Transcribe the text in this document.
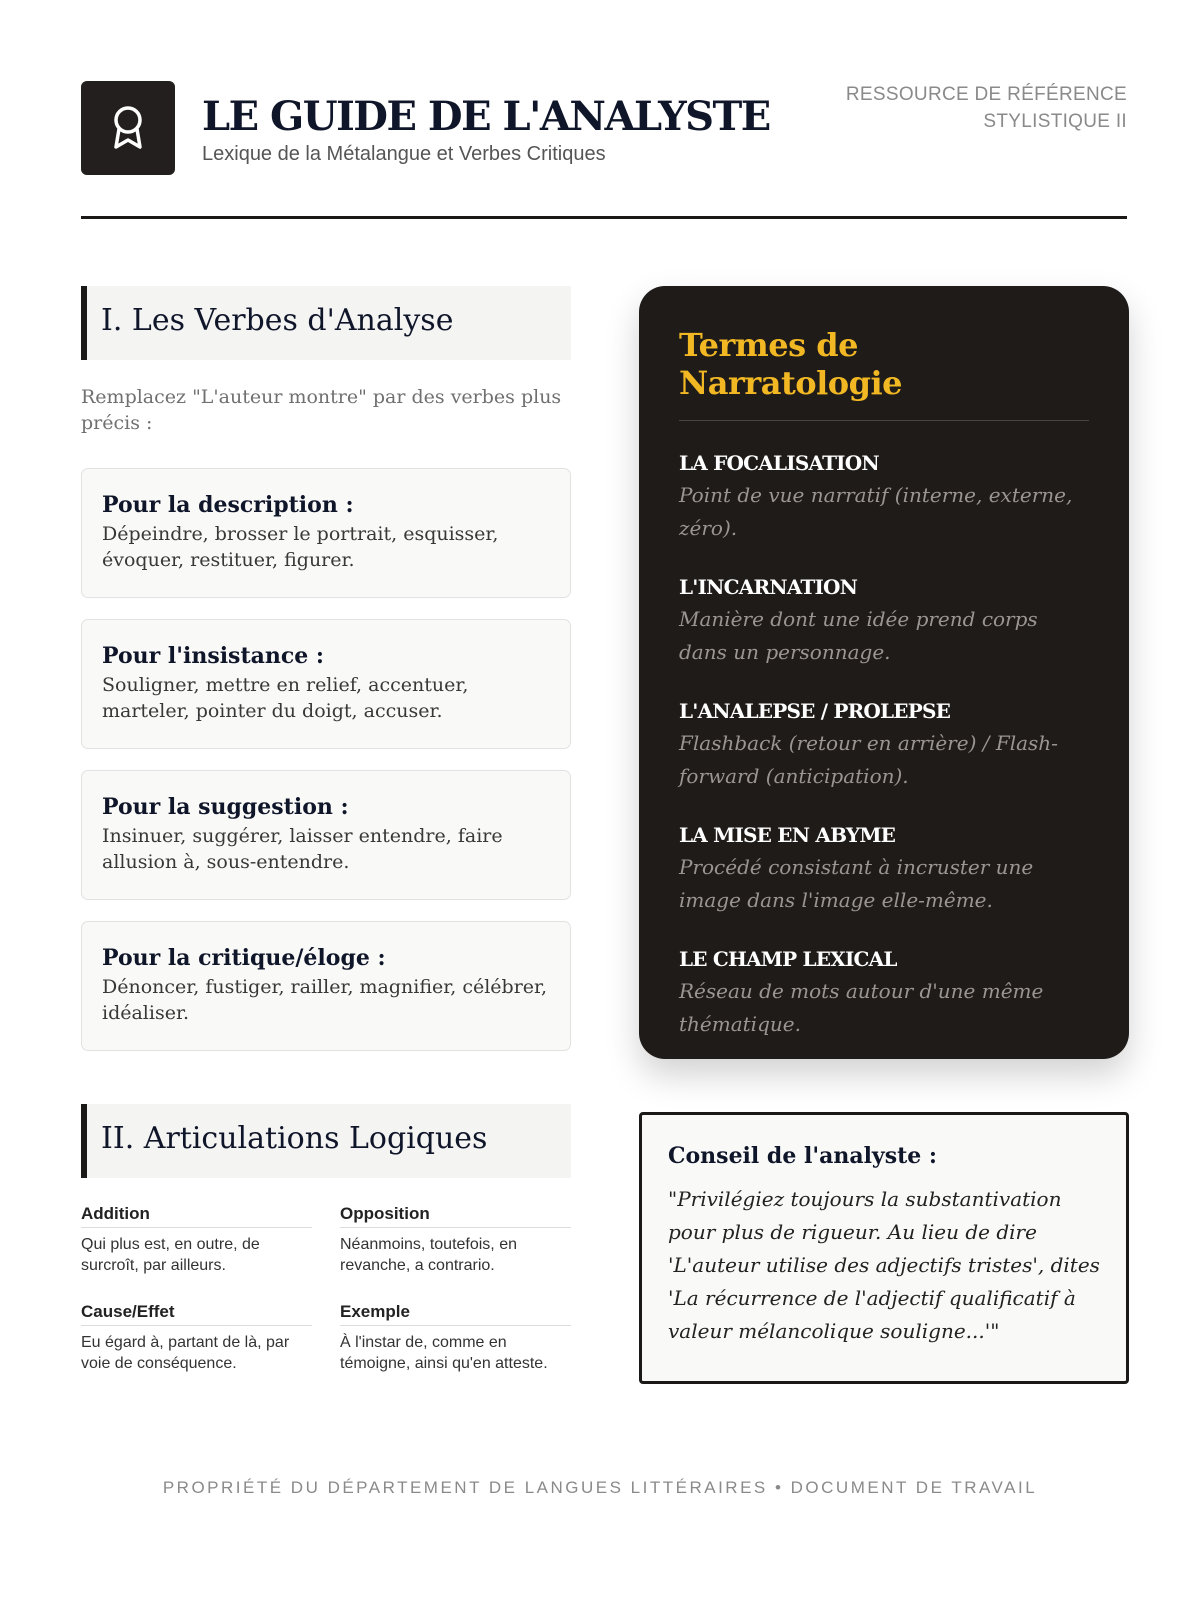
LE GUIDE DE L'ANALYSTE
Lexique de la Métalangue et Verbes Critiques
RESSOURCE DE RÉFÉRENCE
STYLISTIQUE II
I. Les Verbes d'Analyse
Remplacez "L'auteur montre" par des verbes plus précis :
Pour la description :
Dépeindre, brosser le portrait, esquisser, évoquer, restituer, figurer.
Pour l'insistance :
Souligner, mettre en relief, accentuer, marteler, pointer du doigt, accuser.
Pour la suggestion :
Insinuer, suggérer, laisser entendre, faire allusion à, sous-entendre.
Pour la critique/éloge :
Dénoncer, fustiger, railler, magnifier, célébrer, idéaliser.
Termes de Narratologie
LA FOCALISATION
Point de vue narratif (interne, externe, zéro).
L'INCARNATION
Manière dont une idée prend corps dans un personnage.
L'ANALEPSE / PROLEPSE
Flashback (retour en arrière) / Flash-forward (anticipation).
LA MISE EN ABYME
Procédé consistant à incruster une image dans l'image elle-même.
LE CHAMP LEXICAL
Réseau de mots autour d'une même thématique.
II. Articulations Logiques
Addition
Qui plus est, en outre, de surcroît, par ailleurs.
Opposition
Néanmoins, toutefois, en revanche, a contrario.
Cause/Effet
Eu égard à, partant de là, par voie de conséquence.
Exemple
À l'instar de, comme en témoigne, ainsi qu'en atteste.
Conseil de l'analyste :
"Privilégiez toujours la substantivation pour plus de rigueur. Au lieu de dire 'L'auteur utilise des adjectifs tristes', dites 'La récurrence de l'adjectif qualificatif à valeur mélancolique souligne...'"
PROPRIÉTÉ DU DÉPARTEMENT DE LANGUES LITTÉRAIRES • DOCUMENT DE TRAVAIL
